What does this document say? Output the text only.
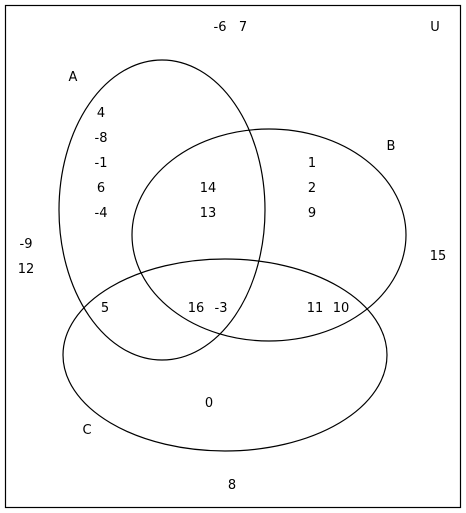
U
A
B
C
-6 7
-9
12
15
8
4
-8
-1
6
-4
14
13
1
2
9
5	16 -3	11 10
0
